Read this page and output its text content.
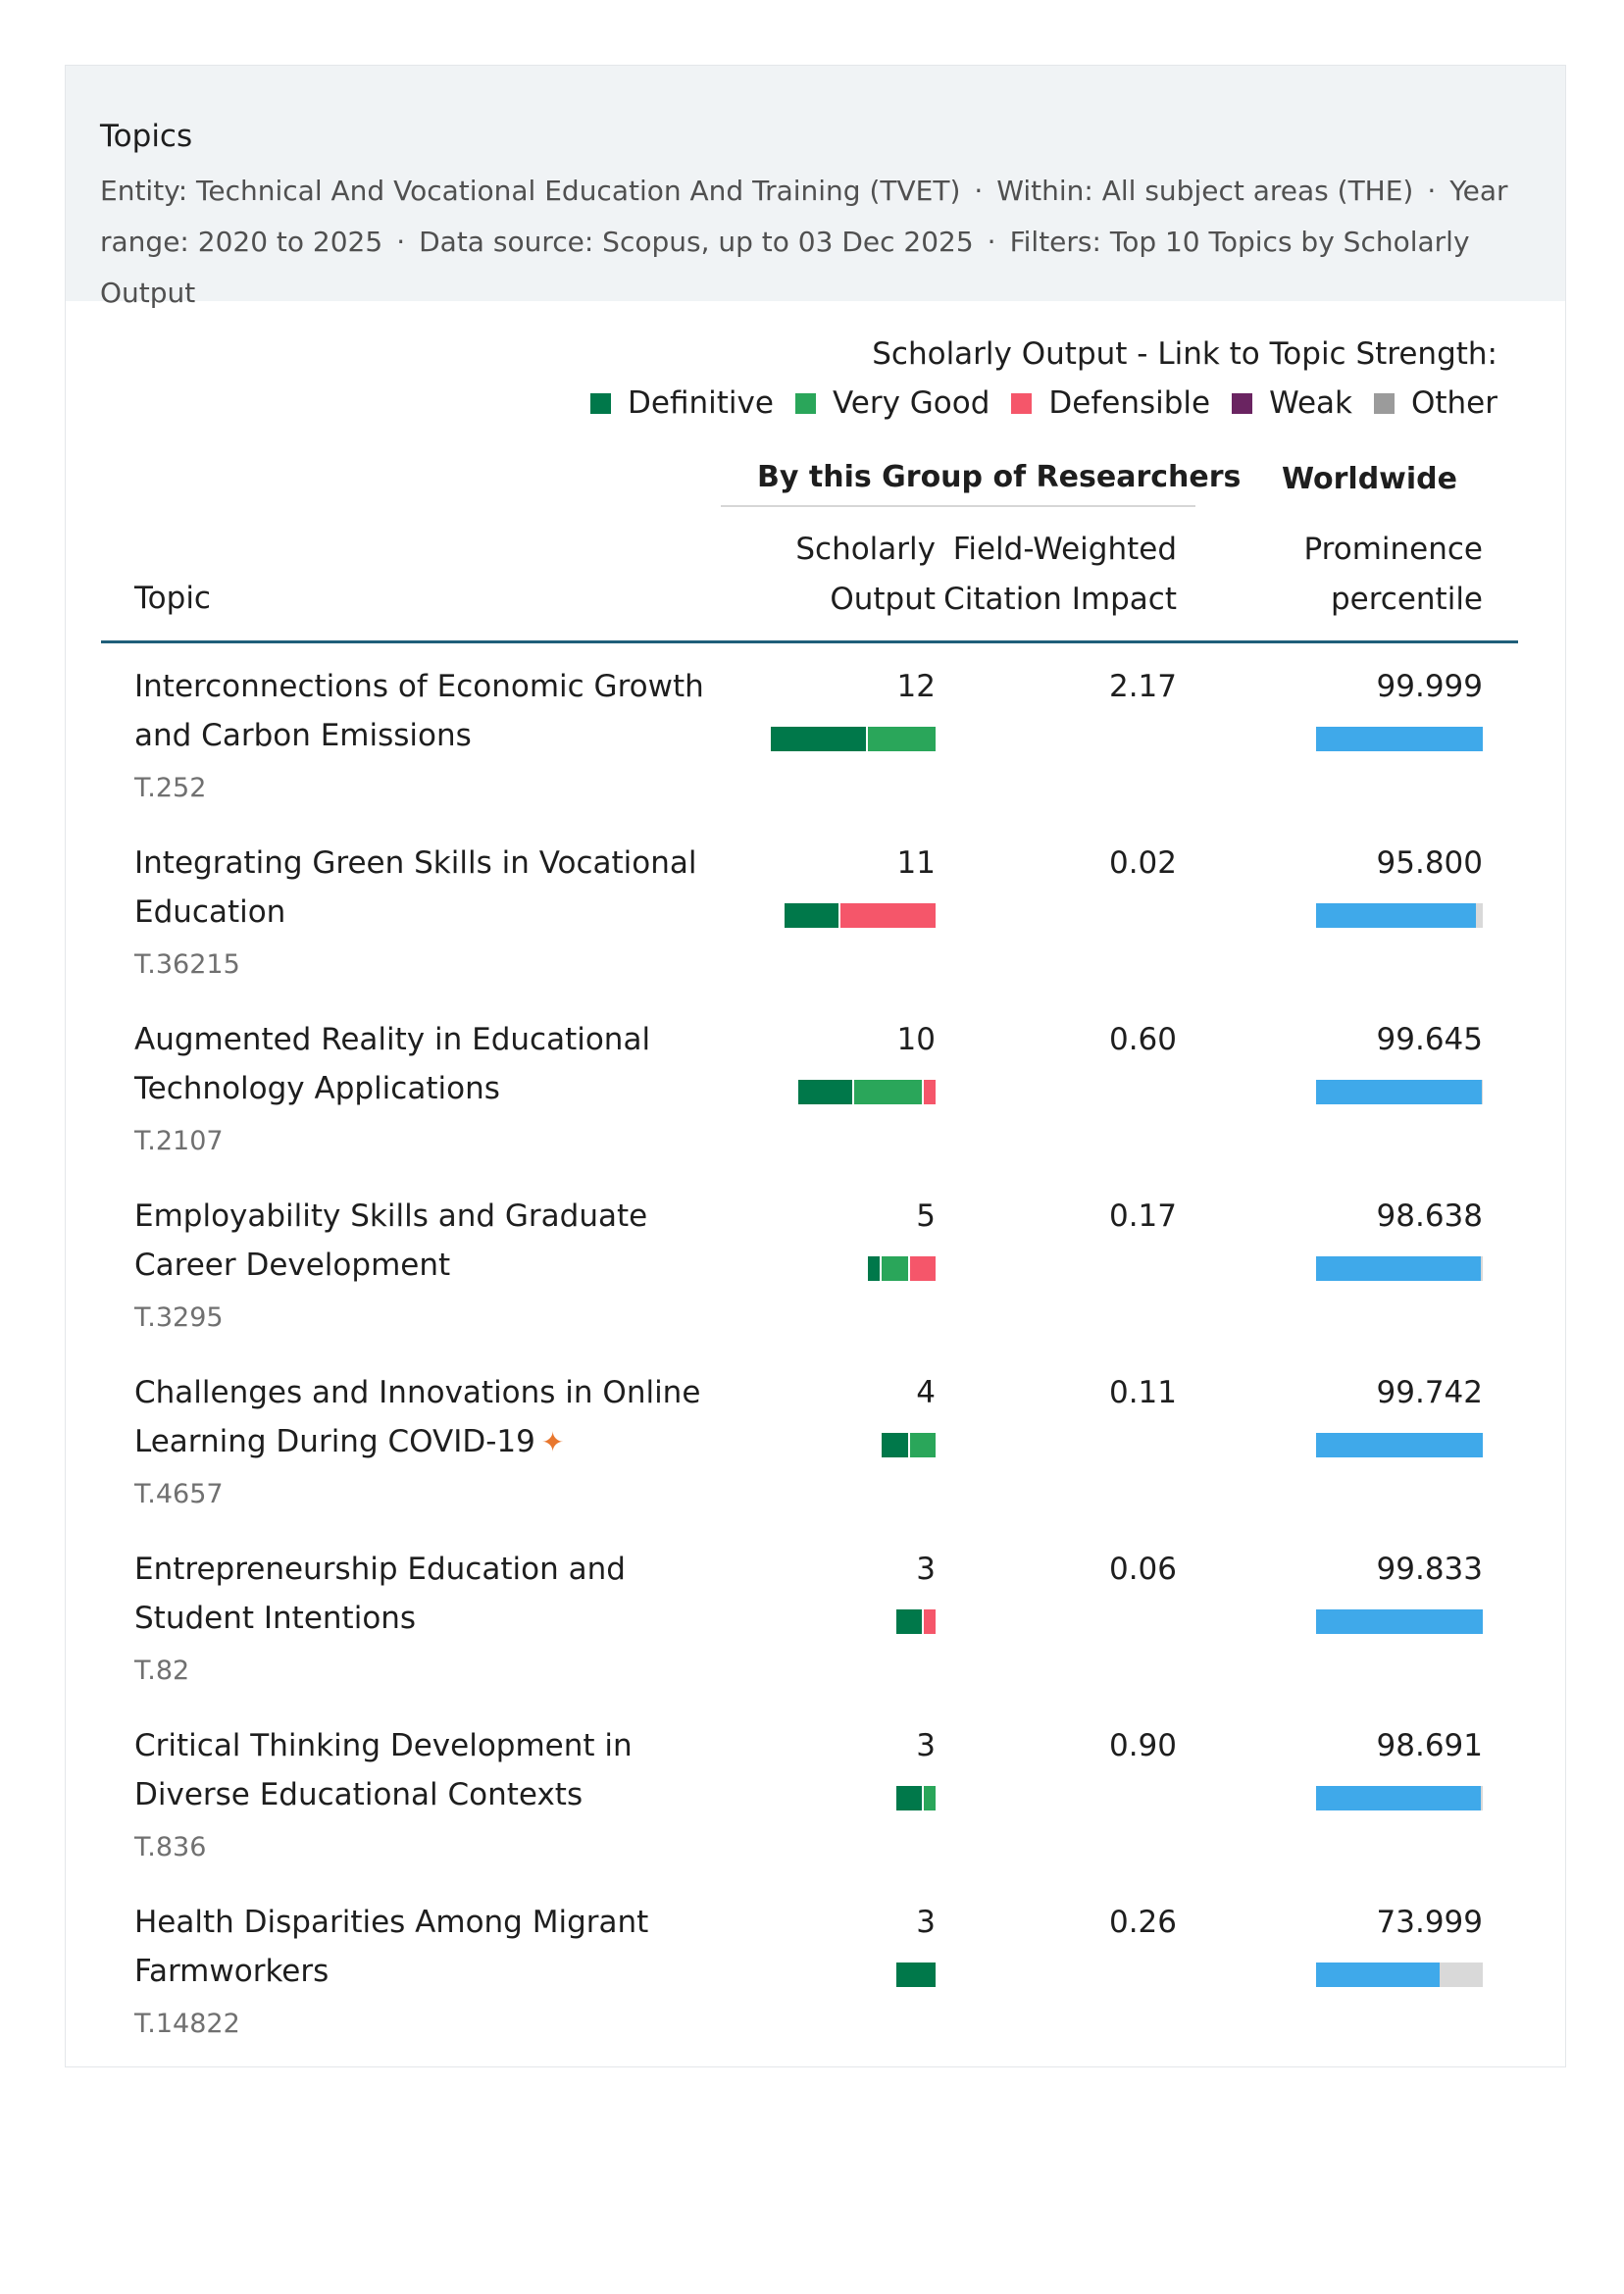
Topics
Entity: Technical And Vocational Education And Training (TVET) · Within: All subject areas (THE) · Year range: 2020 to 2025 · Data source: Scopus, up to 03 Dec 2025 · Filters: Top 10 Topics by Scholarly Output
Scholarly Output - Link to Topic Strength:
Definitive Very Good Defensible Weak Other
By this Group of Researchers Worldwide
Topic
Scholarly
Output
Field-Weighted
Citation Impact
Prominence
percentile
Interconnections of Economic Growth and Carbon Emissions
T.252
12	2.17	99.999
Integrating Green Skills in Vocational Education
T.36215
11	0.02	95.800
Augmented Reality in Educational Technology Applications
T.2107
10	0.60	99.645
Employability Skills and Graduate Career Development
T.3295
5	0.17	98.638
Challenges and Innovations in Online Learning During COVID-19 ✦
T.4657
4	0.11	99.742
Entrepreneurship Education and Student Intentions
T.82
3	0.06	99.833
Critical Thinking Development in Diverse Educational Contexts
T.836
3	0.90	98.691
Health Disparities Among Migrant Farmworkers
T.14822
3	0.26	73.999
